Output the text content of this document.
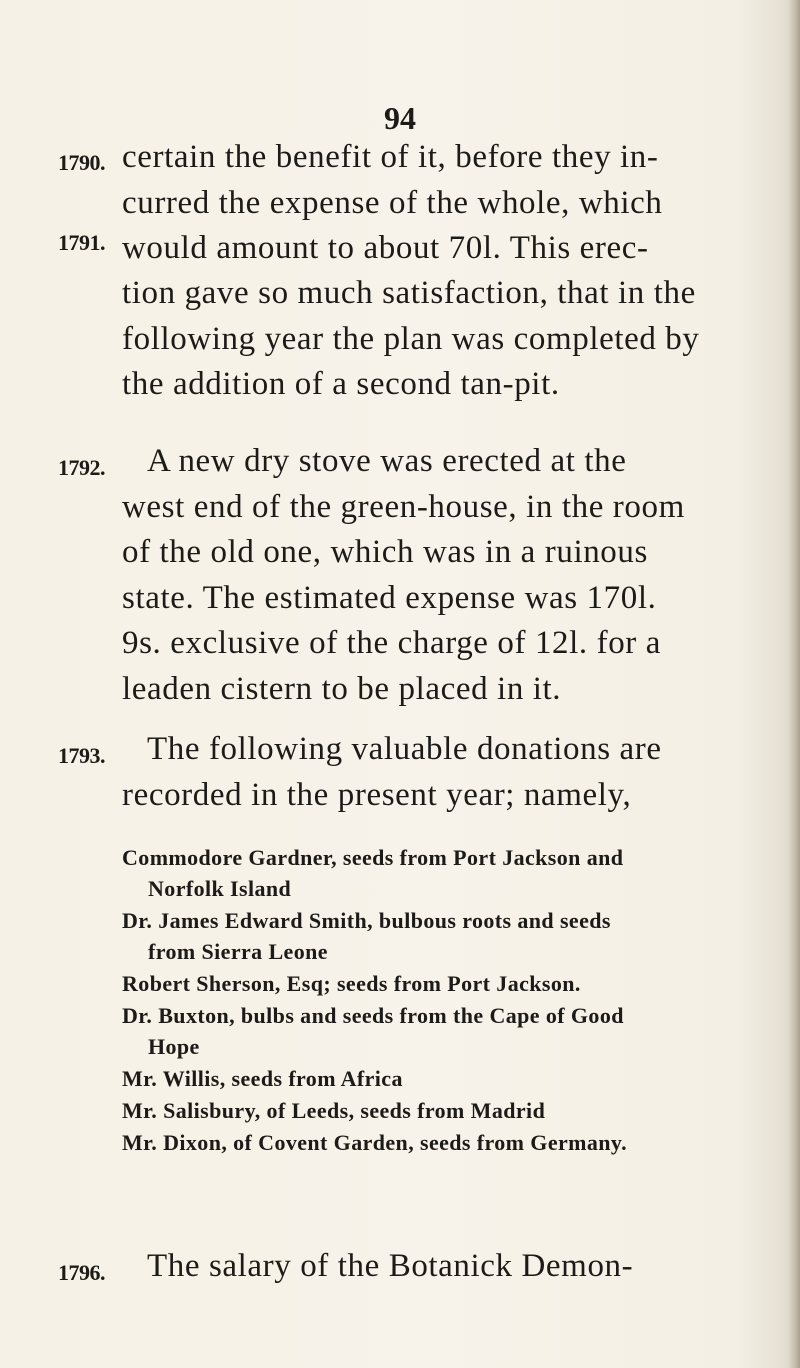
94
1790.
1791.
1792.
1793.
1796.
certain the benefit of it, before they in-
curred the expense of the whole, which
would amount to about 70l. This erec-
tion gave so much satisfaction, that in the
following year the plan was completed by
the addition of a second tan-pit.
A new dry stove was erected at the
west end of the green-house, in the room
of the old one, which was in a ruinous
state. The estimated expense was 170l.
9s. exclusive of the charge of 12l. for a
leaden cistern to be placed in it.
The following valuable donations are
recorded in the present year; namely,
Commodore Gardner, seeds from Port Jackson and
Norfolk Island
Dr. James Edward Smith, bulbous roots and seeds
from Sierra Leone
Robert Sherson, Esq; seeds from Port Jackson.
Dr. Buxton, bulbs and seeds from the Cape of Good
Hope
Mr. Willis, seeds from Africa
Mr. Salisbury, of Leeds, seeds from Madrid
Mr. Dixon, of Covent Garden, seeds from Germany.
The salary of the Botanick Demon-
